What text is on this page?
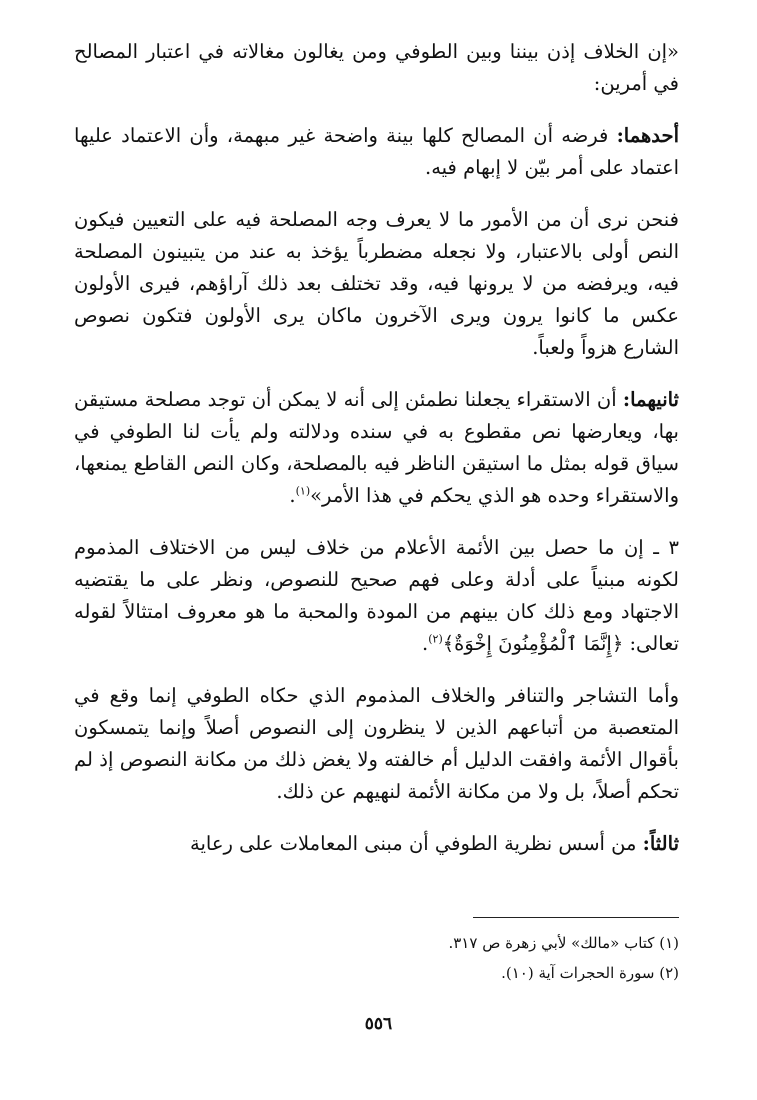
«إن الخلاف إذن بيننا وبين الطوفي ومن يغالون مغالاته في اعتبار المصالح في أمرين:

أحدهما: فرضه أن المصالح كلها بينة واضحة غير مبهمة، وأن الاعتماد عليها اعتماد على أمر بيّن لا إبهام فيه.

فنحن نرى أن من الأمور ما لا يعرف وجه المصلحة فيه على التعيين فيكون النص أولى بالاعتبار، ولا نجعله مضطرباً يؤخذ به عند من يتبينون المصلحة فيه، ويرفضه من لا يرونها فيه، وقد تختلف بعد ذلك آراؤهم، فيرى الأولون عكس ما كانوا يرون ويرى الآخرون ماكان يرى الأولون فتكون نصوص الشارع هزواً ولعباً.

ثانيهما: أن الاستقراء يجعلنا نطمئن إلى أنه لا يمكن أن توجد مصلحة مستيقن بها، ويعارضها نص مقطوع به في سنده ودلالته ولم يأت لنا الطوفي في سياق قوله بمثل ما استيقن الناظر فيه بالمصلحة، وكان النص القاطع يمنعها، والاستقراء وحده هو الذي يحكم في هذا الأمر»$^{(١)}$.

٣ ـ إن ما حصل بين الأئمة الأعلام من خلاف ليس من الاختلاف المذموم لكونه مبنياً على أدلة وعلى فهم صحيح للنصوص، ونظر على ما يقتضيه الاجتهاد ومع ذلك كان بينهم من المودة والمحبة ما هو معروف امتثالاً لقوله تعالى: ﴿إِنَّمَا ٱلْمُؤْمِنُونَ إِخْوَةٌ﴾$^{(٢)}$.

وأما التشاجر والتنافر والخلاف المذموم الذي حكاه الطوفي إنما وقع في المتعصبة من أتباعهم الذين لا ينظرون إلى النصوص أصلاً وإنما يتمسكون بأقوال الأئمة وافقت الدليل أم خالفته ولا يغض ذلك من مكانة النصوص إذ لم تحكم أصلاً، بل ولا من مكانة الأئمة لنهيهم عن ذلك.

ثالثاً: من أسس نظرية الطوفي أن مبنى المعاملات على رعاية

(١) كتاب «مالك» لأبي زهرة ص ٣١٧.
(٢) سورة الحجرات آية (١٠).
٥٥٦
